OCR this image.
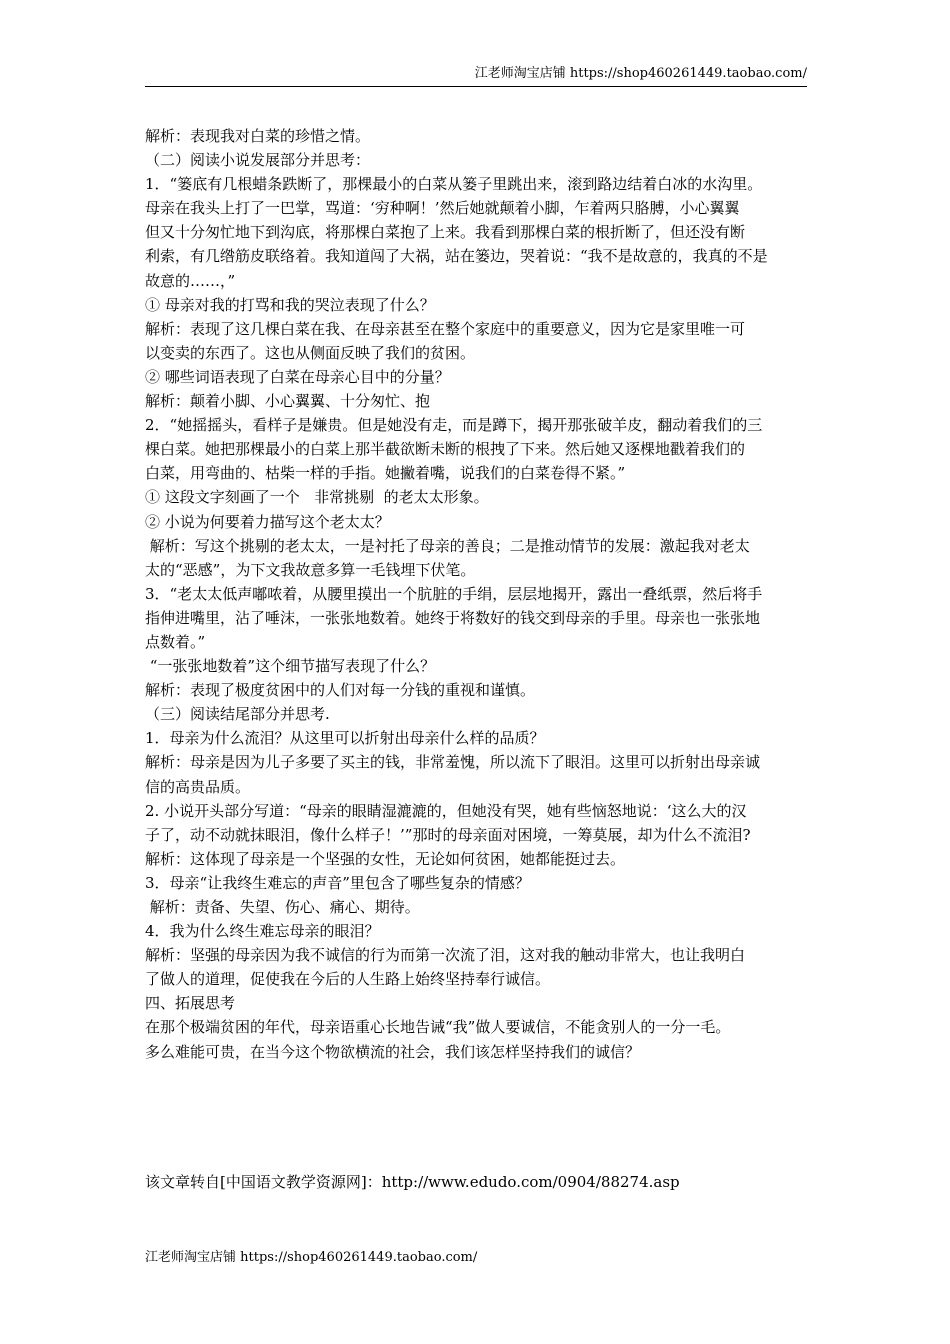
江老师淘宝店铺 https://shop460261449.taobao.com/

解析：表现我对白菜的珍惜之情。

（二）阅读小说发展部分并思考：

1．“篓底有几根蜡条跌断了，那棵最小的白菜从篓子里跳出来，滚到路边结着白冰的水沟里。

母亲在我头上打了一巴掌，骂道：‘穷种啊！’然后她就颠着小脚，乍着两只胳膊，小心翼翼

但又十分匆忙地下到沟底，将那棵白菜抱了上来。我看到那棵白菜的根折断了，但还没有断

利索，有几绺筋皮联络着。我知道闯了大祸，站在篓边，哭着说：“我不是故意的，我真的不是

故意的……，”

① 母亲对我的打骂和我的哭泣表现了什么？

解析：表现了这几棵白菜在我、在母亲甚至在整个家庭中的重要意义，因为它是家里唯一可

以变卖的东西了。这也从侧面反映了我们的贫困。

② 哪些词语表现了白菜在母亲心目中的分量？

解析：颠着小脚、小心翼翼、十分匆忙、抱

2．“她摇摇头，看样子是嫌贵。但是她没有走，而是蹲下，揭开那张破羊皮，翻动着我们的三

棵白菜。她把那棵最小的白菜上那半截欲断未断的根拽了下来。然后她又逐棵地戳着我们的

白菜，用弯曲的、枯柴一样的手指。她撇着嘴，说我们的白菜卷得不紧。”

① 这段文字刻画了一个   非常挑剔  的老太太形象。

② 小说为何要着力描写这个老太太？

解析：写这个挑剔的老太太，一是衬托了母亲的善良；二是推动情节的发展：激起我对老太

太的“恶感”，为下文我故意多算一毛钱埋下伏笔。

3．“老太太低声嘟哝着，从腰里摸出一个肮脏的手绢，层层地揭开，露出一叠纸票，然后将手

指伸进嘴里，沾了唾沫，一张张地数着。她终于将数好的钱交到母亲的手里。母亲也一张张地

点数着。”

“一张张地数着”这个细节描写表现了什么？

解析：表现了极度贫困中的人们对每一分钱的重视和谨慎。

（三）阅读结尾部分并思考.

1．母亲为什么流泪？从这里可以折射出母亲什么样的品质？

解析：母亲是因为儿子多要了买主的钱，非常羞愧，所以流下了眼泪。这里可以折射出母亲诚

信的高贵品质。

2. 小说开头部分写道：“母亲的眼睛湿漉漉的，但她没有哭，她有些恼怒地说：‘这么大的汉

子了，动不动就抹眼泪，像什么样子！’”那时的母亲面对困境，一筹莫展，却为什么不流泪?

解析：这体现了母亲是一个坚强的女性，无论如何贫困，她都能挺过去。

3．母亲“让我终生难忘的声音”里包含了哪些复杂的情感？

解析：责备、失望、伤心、痛心、期待。

4．我为什么终生难忘母亲的眼泪？

解析：坚强的母亲因为我不诚信的行为而第一次流了泪，这对我的触动非常大，也让我明白

了做人的道理，促使我在今后的人生路上始终坚持奉行诚信。

四、拓展思考

在那个极端贫困的年代，母亲语重心长地告诫“我”做人要诚信，不能贪别人的一分一毛。

多么难能可贵，在当今这个物欲横流的社会，我们该怎样坚持我们的诚信？

该文章转自[中国语文教学资源网]：http://www.edudo.com/0904/88274.asp
江老师淘宝店铺 https://shop460261449.taobao.com/
